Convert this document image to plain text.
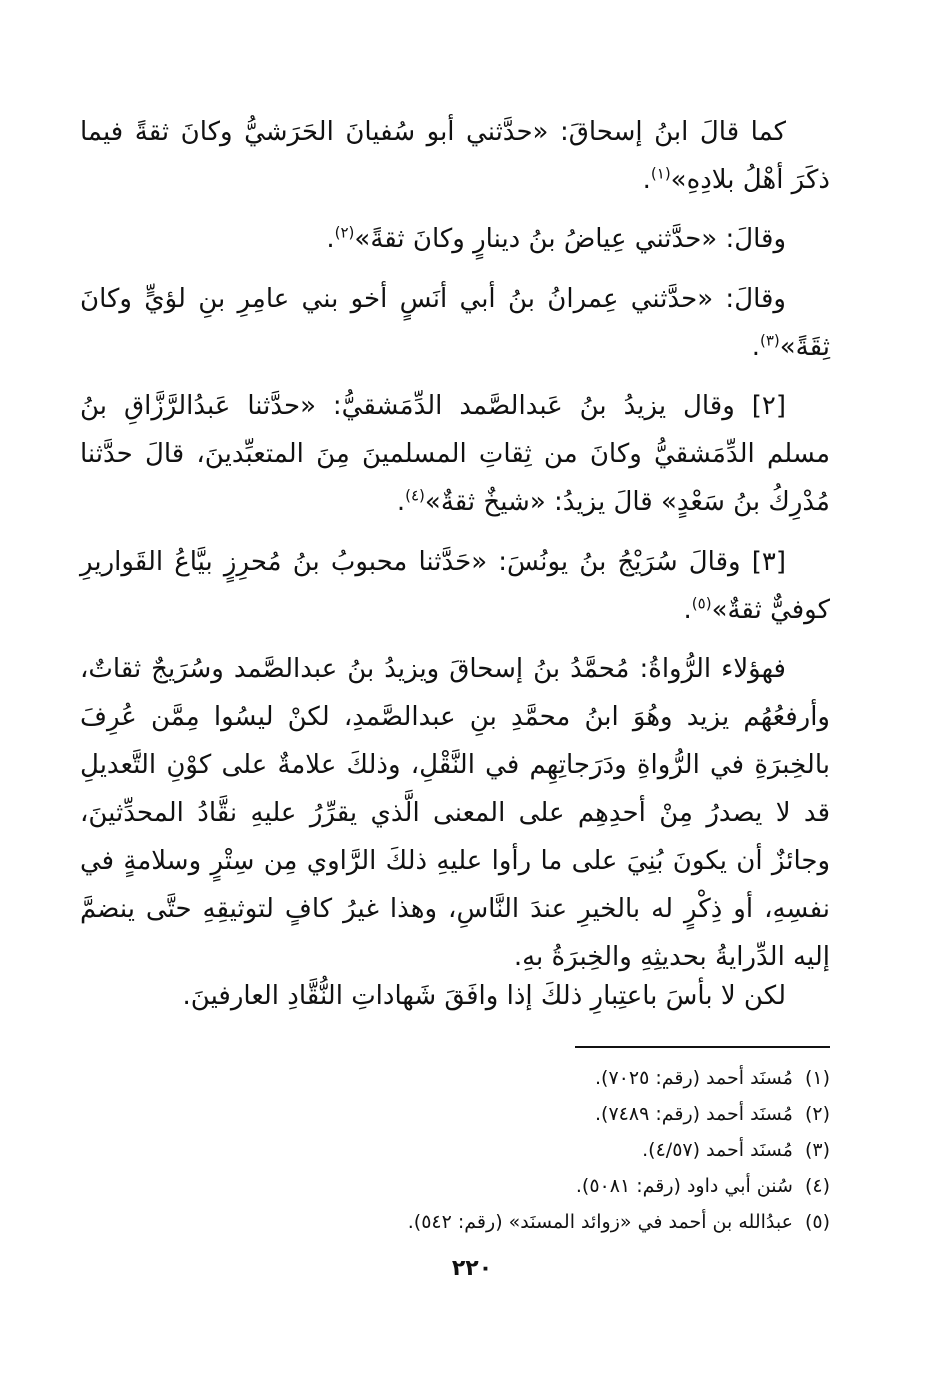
كما قالَ ابنُ إسحاقَ: «حدَّثني أبو سُفيانَ الحَرَشيُّ وكانَ ثقةً فيما ذكَرَ أهْلُ بلادِهِ»$^{(١)}$.

وقالَ: «حدَّثني عِياضُ بنُ دينارٍ وكانَ ثقةً»$^{(٢)}$.

وقالَ: «حدَّثني عِمرانُ بنُ أبي أنَسٍ أخو بني عامِرِ بنِ لؤيٍّ وكانَ ثِقَةً»$^{(٣)}$.

[٢] وقال يزيدُ بنُ عَبدالصَّمد الدِّمَشقيُّ: «حدَّثنا عَبدُالرَّزَّاقِ بنُ مسلم الدِّمَشقيُّ وكانَ من ثِقاتِ المسلمينَ مِنَ المتعبِّدينَ، قالَ حدَّثنا مُدْرِكُ بنُ سَعْدٍ» قالَ يزيدُ: «شيخٌ ثقةٌ»$^{(٤)}$.

[٣] وقالَ سُرَيْجُ بنُ يونُسَ: «حَدَّثنا محبوبُ بنُ مُحرِزٍ بيَّاعُ القَواريرِ كوفيٌّ ثقةٌ»$^{(٥)}$.

فهؤلاء الرُّواةُ: مُحمَّدُ بنُ إسحاقَ ويزيدُ بنُ عبدالصَّمد وسُرَيجٌ ثقاتٌ، وأرفعُهُم يزيد وهُوَ ابنُ محمَّدِ بنِ عبدالصَّمدِ، لكنْ ليسُوا مِمَّن عُرِفَ بالخِبرَةِ في الرُّواةِ ودَرَجاتِهِم في النَّقْلِ، وذلكَ علامةٌ على كوْنِ التَّعديلِ قد لا يصدرُ مِنْ أحدِهِم على المعنى الَّذي يقرِّرُ عليهِ نقَّادُ المحدِّثينَ، وجائزٌ أن يكونَ بُنِيَ على ما رأوا عليهِ ذلكَ الرَّاوي مِن سِتْرٍ وسلامةٍ في نفسِهِ، أو ذِكْرٍ له بالخيرِ عندَ النَّاسِ، وهذا غيرُ كافٍ لتوثيقِهِ حتَّى ينضمَّ إليه الدِّرايةُ بحديثِهِ والخِبرَةُ بهِ.

لكن لا بأسَ باعتِبارِ ذلكَ إذا وافَقَ شَهاداتِ النُّقَّادِ العارفينَ.

(١)مُسنَد أحمد (رقم: ٧٠٢٥).
(٢)مُسنَد أحمد (رقم: ٧٤٨٩).
(٣)مُسنَد أحمد (٤/٥٧).
(٤)سُنن أبي داود (رقم: ٥٠٨١).
(٥)عبدُالله بن أحمد في «زوائد المسنَد» (رقم: ٥٤٢).
٢٢٠
